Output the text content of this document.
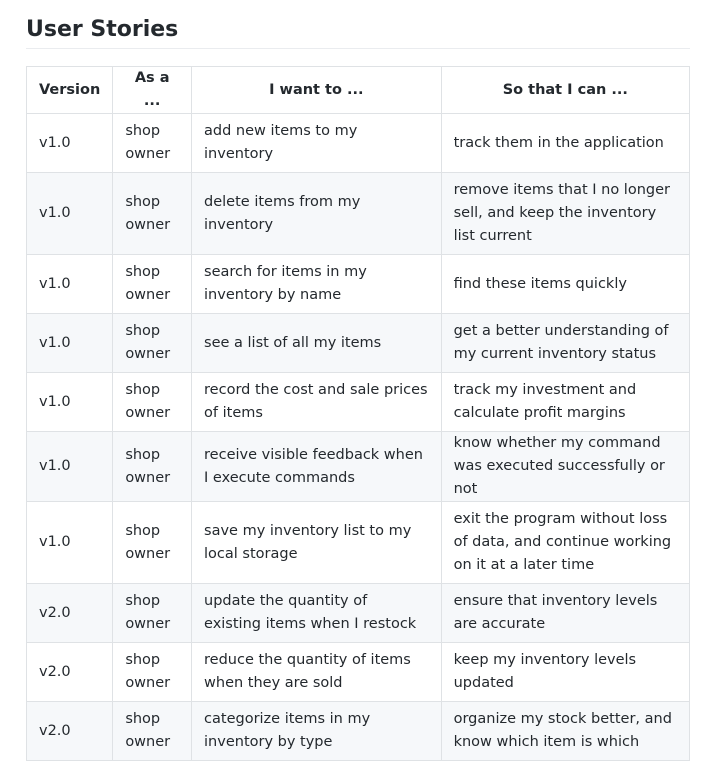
User Stories
Version	As a ...	I want to ...	So that I can ...
v1.0	shop owner	add new items to my inventory	track them in the application
v1.0	shop owner	delete items from my inventory	remove items that I no longer sell, and keep the inventory list current
v1.0	shop owner	search for items in my inventory by name	find these items quickly
v1.0	shop owner	see a list of all my items	get a better understanding of my current inventory status
v1.0	shop owner	record the cost and sale prices of items	track my investment and calculate profit margins
v1.0	shop owner	receive visible feedback when I execute commands	know whether my command was executed successfully or not
v1.0	shop owner	save my inventory list to my local storage	exit the program without loss of data, and continue working on it at a later time
v2.0	shop owner	update the quantity of existing items when I restock	ensure that inventory levels are accurate
v2.0	shop owner	reduce the quantity of items when they are sold	keep my inventory levels updated
v2.0	shop owner	categorize items in my inventory by type	organize my stock better, and know which item is which
